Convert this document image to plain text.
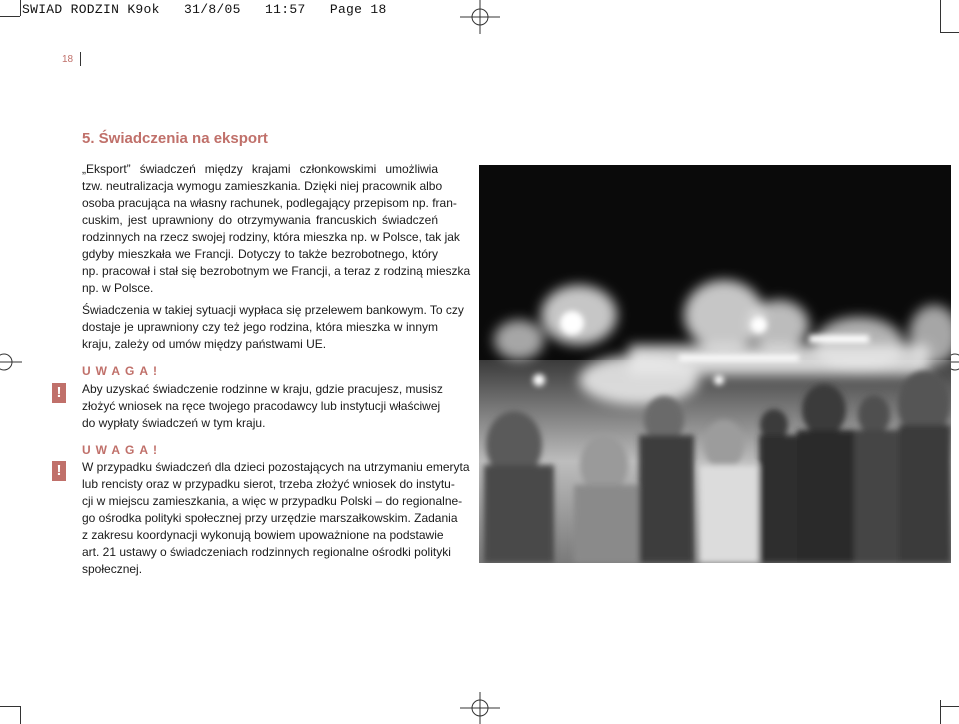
SWIAD RODZIN K9ok   31/8/05   11:57   Page 18
18
5. Świadczenia na eksport

„Eksport” świadczeń między krajami członkowskimi umożliwia
tzw. neutralizacja wymogu zamieszkania. Dzięki niej pracownik albo
osoba pracująca na własny rachunek, podlegający przepisom np. fran-
cuskim, jest uprawniony do otrzymywania francuskich świadczeń
rodzinnych na rzecz swojej rodziny, która mieszka np. w Polsce, tak jak
gdyby mieszkała we Francji. Dotyczy to także bezrobotnego, który
np. pracował i stał się bezrobotnym we Francji, a teraz z rodziną mieszka
np. w Polsce.

Świadczenia w takiej sytuacji wypłaca się przelewem bankowym. To czy
dostaje je uprawniony czy też jego rodzina, która mieszka w innym
kraju, zależy od umów między państwami UE.

UWAGA!
!	Aby uzyskać świadczenie rodzinne w kraju, gdzie pracujesz, musisz
złożyć wniosek na ręce twojego pracodawcy lub instytucji właściwej
do wypłaty świadczeń w tym kraju.

UWAGA!
!	W przypadku świadczeń dla dzieci pozostających na utrzymaniu emeryta
lub rencisty oraz w przypadku sierot, trzeba złożyć wniosek do instytu-
cji w miejscu zamieszkania, a więc w przypadku Polski – do regionalne-
go ośrodka polityki społecznej przy urzędzie marszałkowskim. Zadania
z zakresu koordynacji wykonują bowiem upoważnione na podstawie
art. 21 ustawy o świadczeniach rodzinnych regionalne ośrodki polityki
społecznej.
